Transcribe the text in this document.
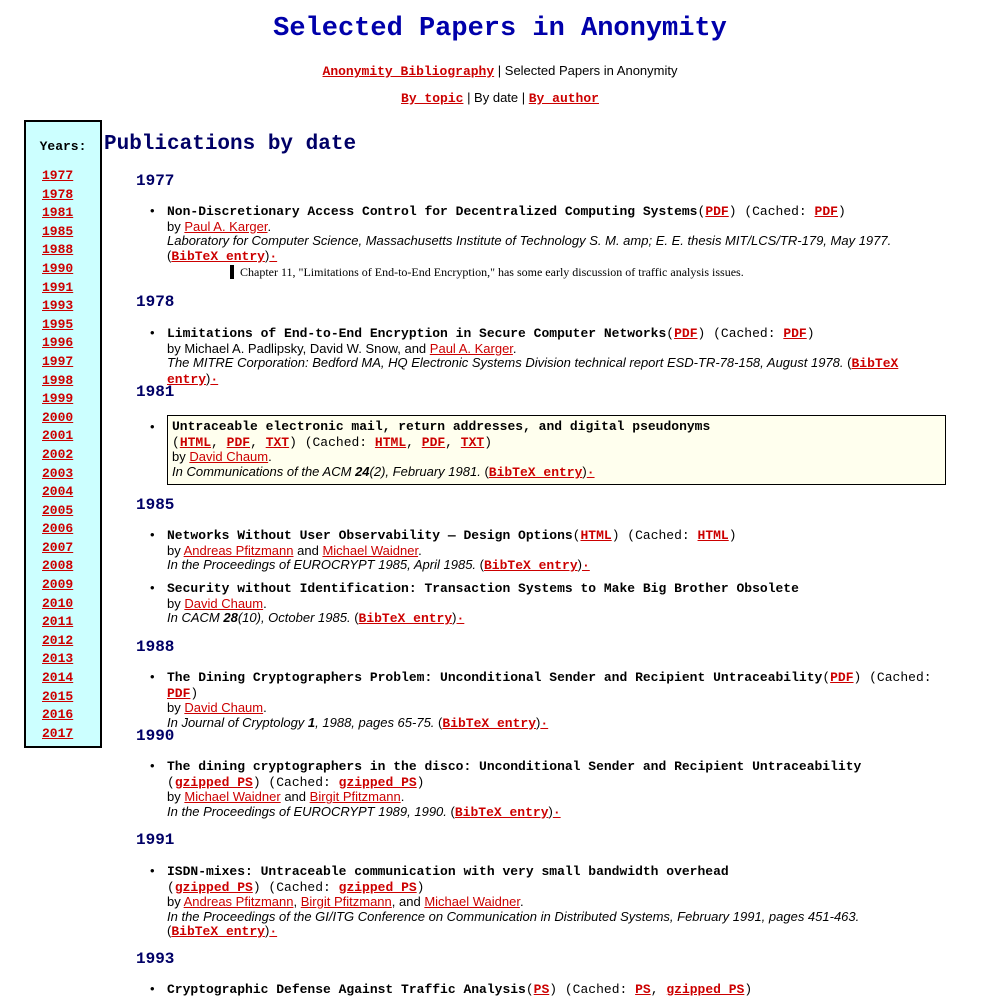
Selected Papers in Anonymity
Anonymity Bibliography | Selected Papers in Anonymity
By topic | By date | By author
Years:
1977
1978
1981
1985
1988
1990
1991
1993
1995
1996
1997
1998
1999
2000
2001
2002
2003
2004
2005
2006
2007
2008
2009
2010
2011
2012
2013
2014
2015
2016
2017
Publications by date
1977
• Non-Discretionary Access Control for Decentralized Computing Systems(PDF) (Cached: PDF)
by Paul A. Karger.
Laboratory for Computer Science, Massachusetts Institute of Technology S. M. amp; E. E. thesis MIT/LCS/TR-179, May 1977.
(BibTeX entry)·
Chapter 11, "Limitations of End-to-End Encryption," has some early discussion of traffic analysis issues.
1978
• Limitations of End-to-End Encryption in Secure Computer Networks(PDF) (Cached: PDF)
by Michael A. Padlipsky, David W. Snow, and Paul A. Karger.
The MITRE Corporation: Bedford MA, HQ Electronic Systems Division technical report ESD-TR-78-158, August 1978. (BibTeX entry)·
1981
•	Untraceable electronic mail, return addresses, and digital pseudonyms
(HTML, PDF, TXT) (Cached: HTML, PDF, TXT)
by David Chaum.
In Communications of the ACM 24(2), February 1981. (BibTeX entry)·
1985
• Networks Without User Observability — Design Options(HTML) (Cached: HTML)
by Andreas Pfitzmann and Michael Waidner.
In the Proceedings of EUROCRYPT 1985, April 1985. (BibTeX entry)·
• Security without Identification: Transaction Systems to Make Big Brother Obsolete
by David Chaum.
In CACM 28(10), October 1985. (BibTeX entry)·
1988
• The Dining Cryptographers Problem: Unconditional Sender and Recipient Untraceability(PDF) (Cached: PDF)
by David Chaum.
In Journal of Cryptology 1, 1988, pages 65-75. (BibTeX entry)·
1990
• The dining cryptographers in the disco: Unconditional Sender and Recipient Untraceability
(gzipped PS) (Cached: gzipped PS)
by Michael Waidner and Birgit Pfitzmann.
In the Proceedings of EUROCRYPT 1989, 1990. (BibTeX entry)·
1991
• ISDN-mixes: Untraceable communication with very small bandwidth overhead
(gzipped PS) (Cached: gzipped PS)
by Andreas Pfitzmann, Birgit Pfitzmann, and Michael Waidner.
In the Proceedings of the GI/ITG Conference on Communication in Distributed Systems, February 1991, pages 451-463.
(BibTeX entry)·
1993
• Cryptographic Defense Against Traffic Analysis(PS) (Cached: PS, gzipped PS)
